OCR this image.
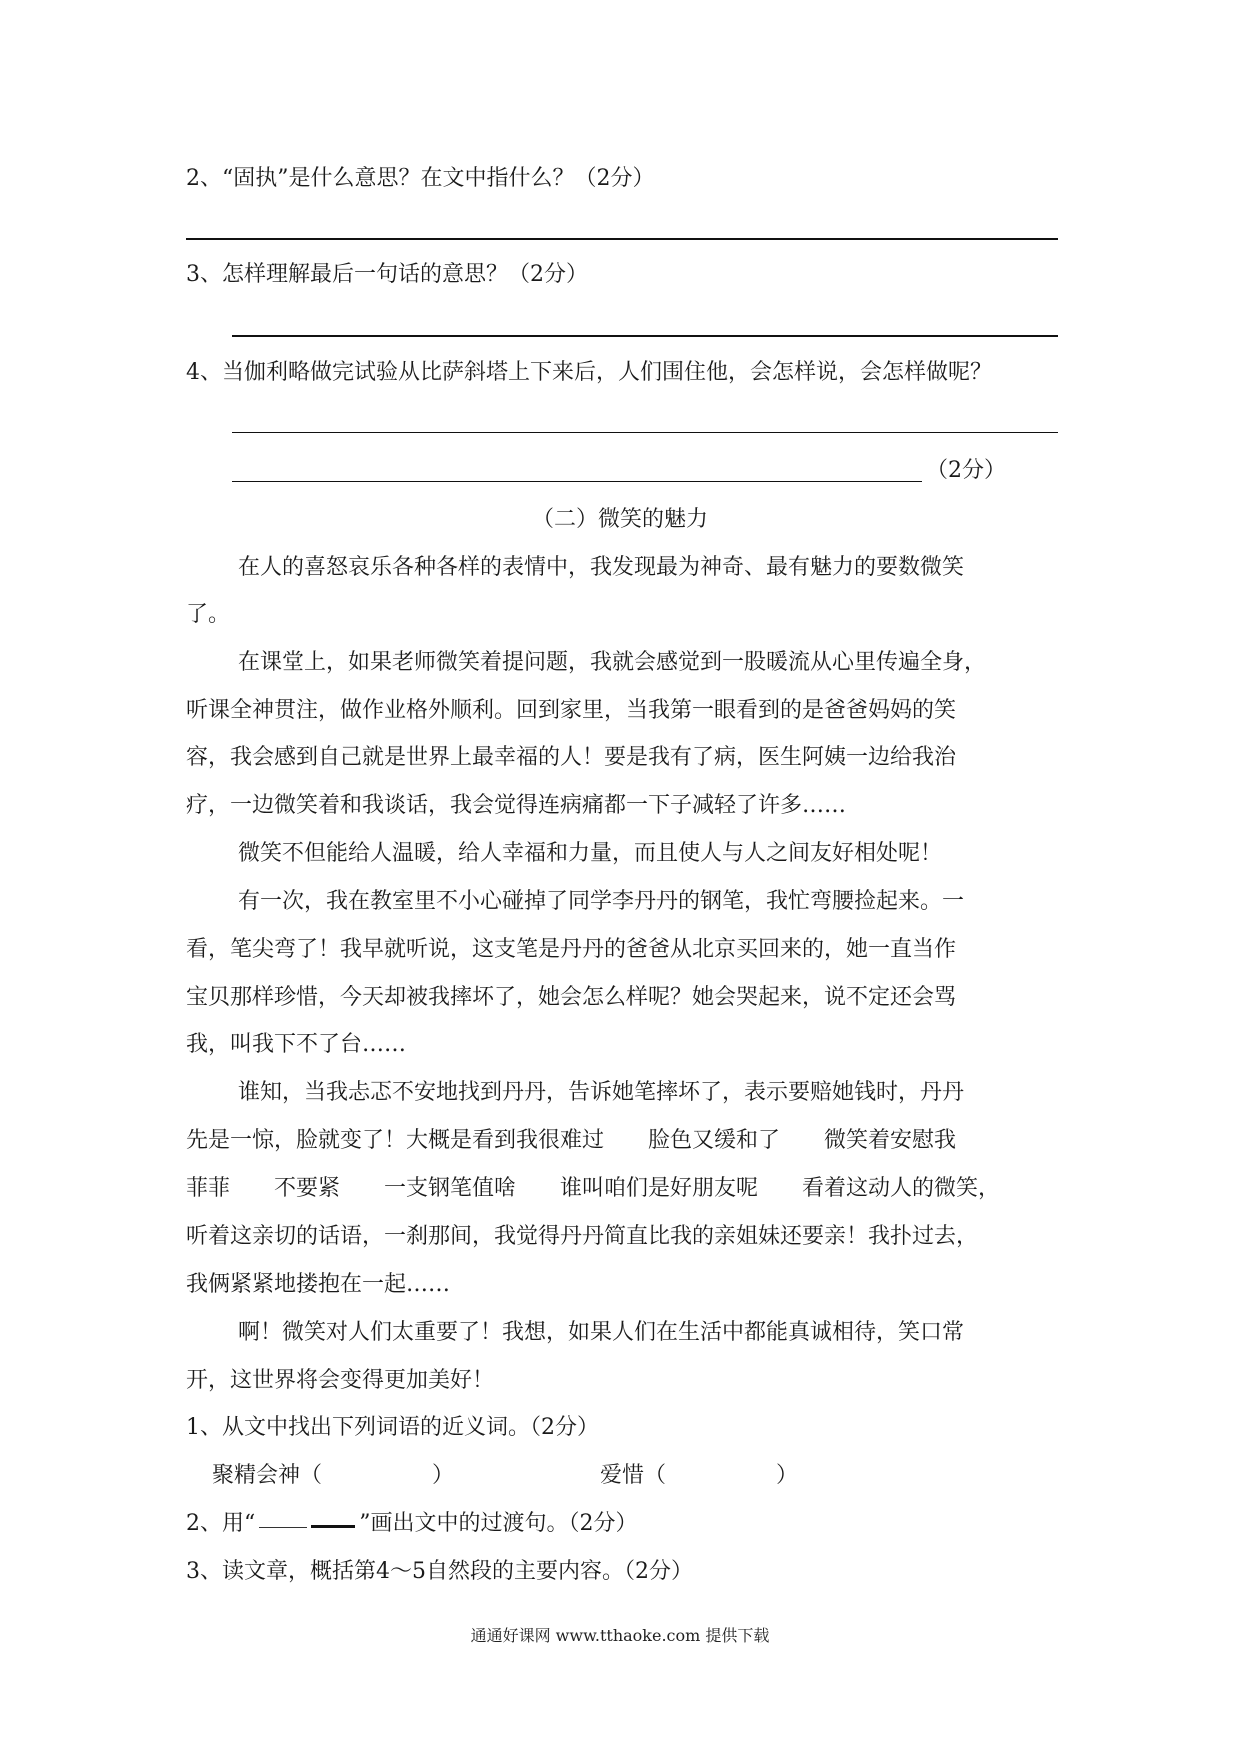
2、“固执”是什么意思？在文中指什么？（2分）
3、怎样理解最后一句话的意思？（2分）
4、当伽利略做完试验从比萨斜塔上下来后，人们围住他，会怎样说，会怎样做呢？
（2分）
（二）微笑的魅力
在人的喜怒哀乐各种各样的表情中，我发现最为神奇、最有魅力的要数微笑
了。
在课堂上，如果老师微笑着提问题，我就会感觉到一股暖流从心里传遍全身，
听课全神贯注，做作业格外顺利。回到家里，当我第一眼看到的是爸爸妈妈的笑
容，我会感到自己就是世界上最幸福的人！要是我有了病，医生阿姨一边给我治
疗，一边微笑着和我谈话，我会觉得连病痛都一下子减轻了许多……
微笑不但能给人温暖，给人幸福和力量，而且使人与人之间友好相处呢！
有一次，我在教室里不小心碰掉了同学李丹丹的钢笔，我忙弯腰捡起来。一
看，笔尖弯了！我早就听说，这支笔是丹丹的爸爸从北京买回来的，她一直当作
宝贝那样珍惜，今天却被我摔坏了，她会怎么样呢？她会哭起来，说不定还会骂
我，叫我下不了台……
谁知，当我忐忑不安地找到丹丹，告诉她笔摔坏了，表示要赔她钱时，丹丹
先是一惊，脸就变了！大概是看到我很难过　　脸色又缓和了　　微笑着安慰我
菲菲　　不要紧　　一支钢笔值啥　　谁叫咱们是好朋友呢　　看着这动人的微笑，
听着这亲切的话语，一刹那间，我觉得丹丹简直比我的亲姐妹还要亲！我扑过去，
我俩紧紧地搂抱在一起……
啊！微笑对人们太重要了！我想，如果人们在生活中都能真诚相待，笑口常
开，这世界将会变得更加美好！
1、从文中找出下列词语的近义词。（2分）
聚精会神（　　　　　）	爱惜（　　　　　）
2、用“	”画出文中的过渡句。（2分）
3、读文章，概括第4～5自然段的主要内容。（2分）
通通好课网 www.tthaoke.com 提供下载
